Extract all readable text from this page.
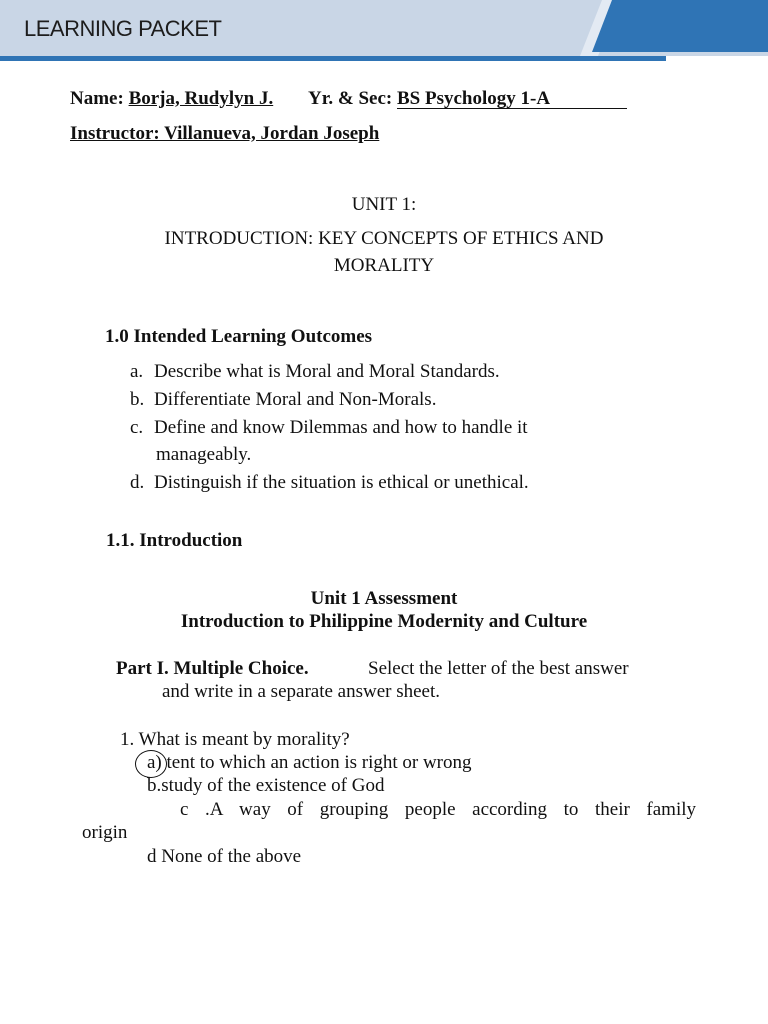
LEARNING PACKET
Name: Borja, Rudylyn J. Yr. & Sec: BS Psychology 1-A
Instructor: Villanueva, Jordan Joseph
UNIT 1:
INTRODUCTION: KEY CONCEPTS OF ETHICS AND
MORALITY
1.0 Intended Learning Outcomes
a. Describe what is Moral and Moral Standards.
b. Differentiate Moral and Non-Morals.
c. Define and know Dilemmas and how to handle it
manageably.
d. Distinguish if the situation is ethical or unethical.
1.1. Introduction
Unit 1 Assessment
Introduction to Philippine Modernity and Culture
Part I. Multiple Choice.	Select the letter of the best answer
and write in a separate answer sheet.
1. What is meant by morality?
a) tent to which an action is right or wrong
b.study of the existence of God
c .A way of grouping people according to their family
origin
d None of the above
